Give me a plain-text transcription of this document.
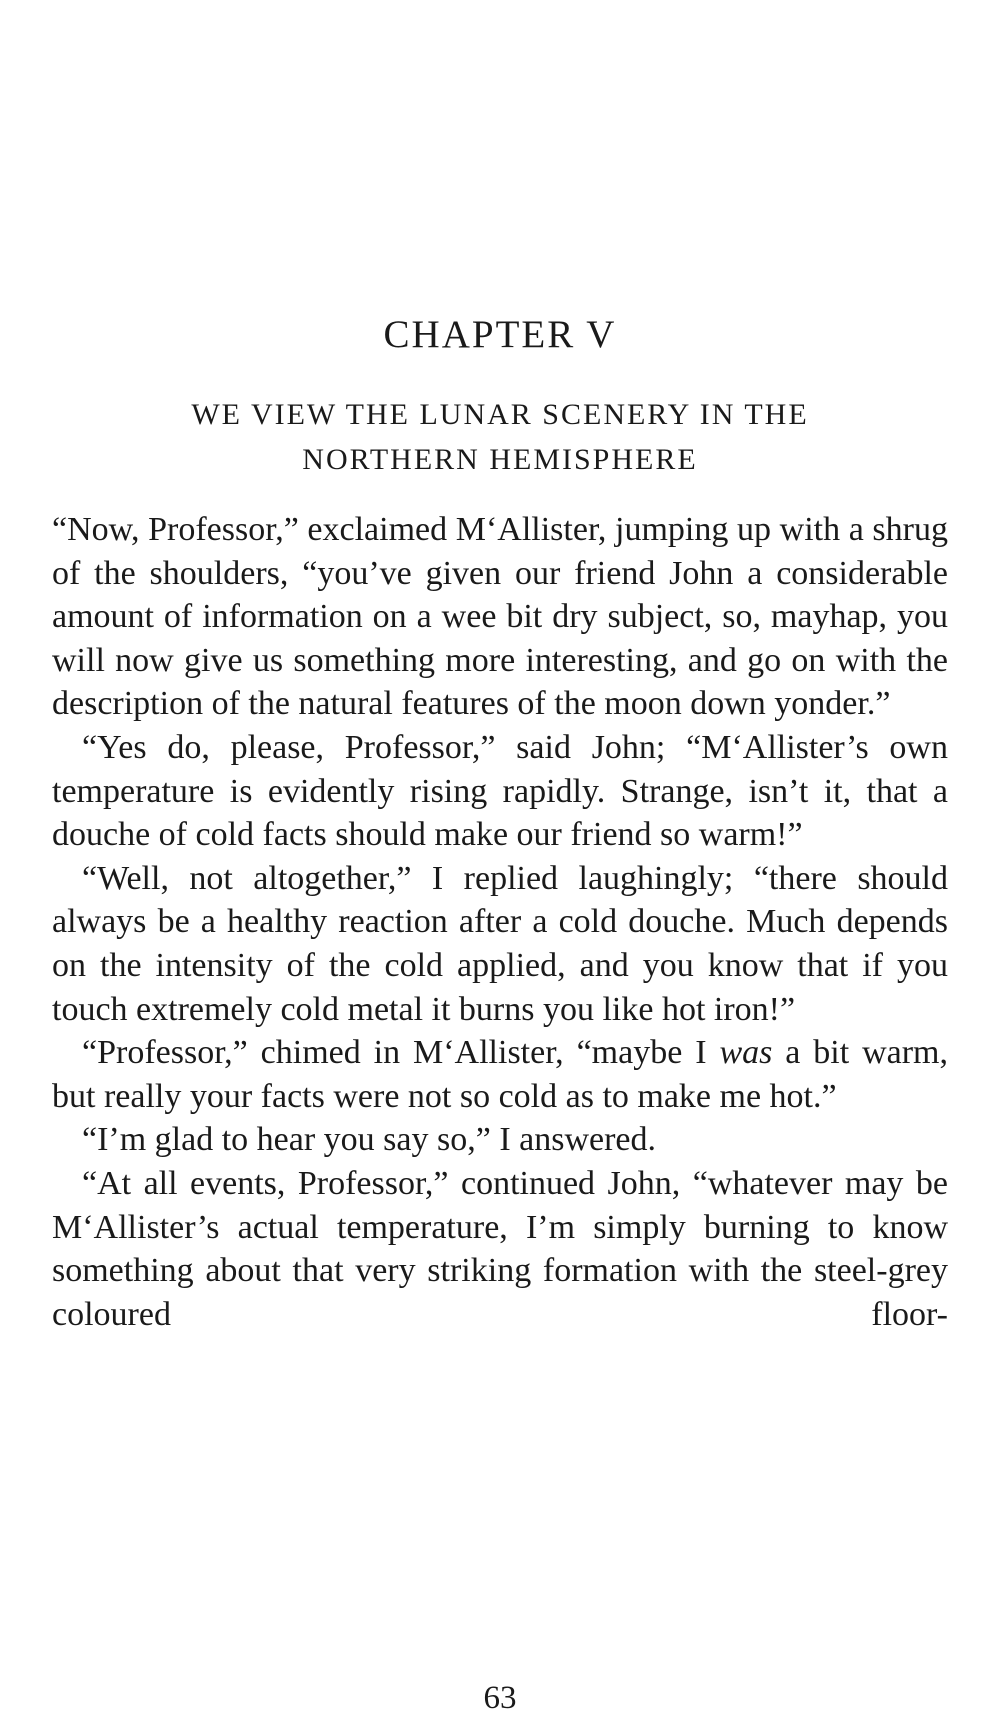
CHAPTER V
WE VIEW THE LUNAR SCENERY IN THE
NORTHERN HEMISPHERE

“Now, Professor,” exclaimed M‘Allister, jumping up with a shrug of the shoulders, “you’ve given our friend John a considerable amount of information on a wee bit dry subject, so, mayhap, you will now give us something more interesting, and go on with the description of the natural features of the moon down yonder.”

“Yes do, please, Professor,” said John; “M‘Allister’s own temperature is evidently rising rapidly. Strange, isn’t it, that a douche of cold facts should make our friend so warm!”

“Well, not altogether,” I replied laughingly; “there should always be a healthy reaction after a cold douche. Much depends on the intensity of the cold applied, and you know that if you touch extremely cold metal it burns you like hot iron!”

“Professor,” chimed in M‘Allister, “maybe I was a bit warm, but really your facts were not so cold as to make me hot.”

“I’m glad to hear you say so,” I answered.

“At all events, Professor,” continued John, “whatever may be M‘Allister’s actual temperature, I’m simply burning to know something about that very striking formation with the steel-grey coloured floor-

63
